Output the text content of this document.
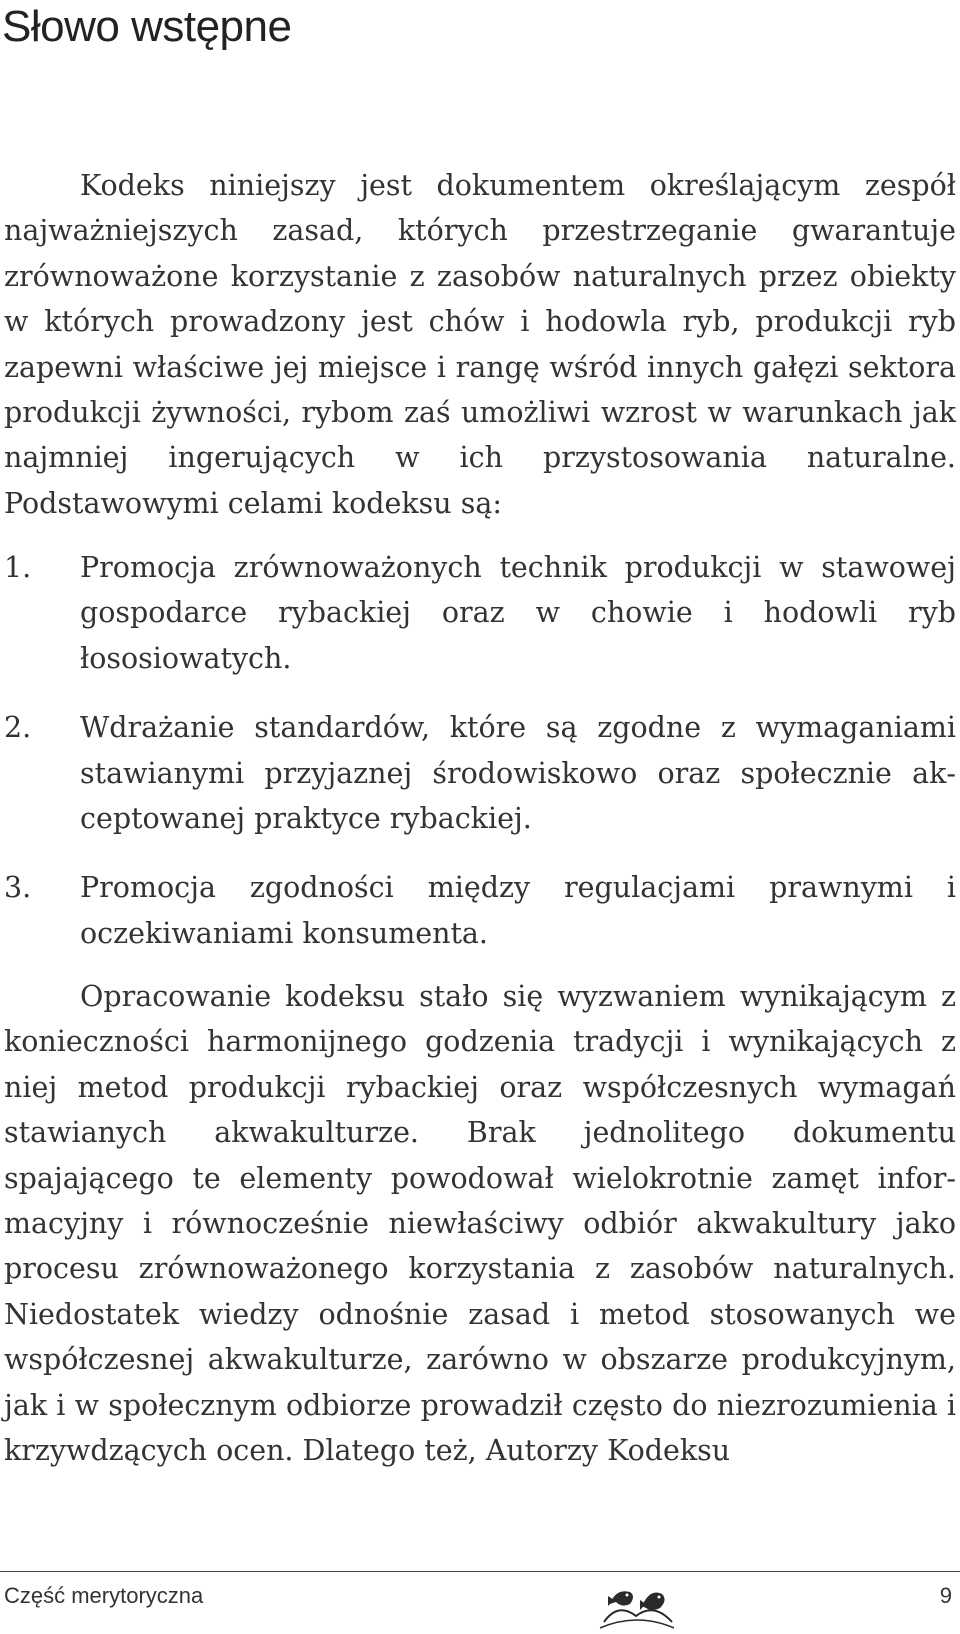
Słowo wstępne

Kodeks niniejszy jest dokumentem określającym zespół najważniejszych zasad, których przestrzeganie gwarantuje zrównoważone korzystanie z zasobów naturalnych przez obiekty w których prowadzony jest chów i hodowla ryb, produkcji ryb zapewni właściwe jej miejsce i rangę wśród innych gałęzi sektora produkcji żywności, rybom zaś umożliwi wzrost w warunkach jak najmniej ingerujących w ich przystosowania naturalne. Podstawowymi celami kodeksu są:

1. Promocja zrównoważonych technik produkcji w stawowej gospodarce rybackiej oraz w chowie i hodowli ryb łososiowatych.
2. Wdrażanie standardów, które są zgodne z wymaganiami stawianymi przyjaznej środowiskowo oraz społecznie akceptowanej praktyce rybackiej.
3. Promocja zgodności między regulacjami prawnymi i oczekiwaniami konsumenta.

Opracowanie kodeksu stało się wyzwaniem wynikającym z konieczności harmonijnego godzenia tradycji i wynikających z niej metod produkcji rybackiej oraz współczesnych wymagań stawianych akwakulturze. Brak jednolitego dokumentu spajającego te elementy powodował wielokrotnie zamęt informacyjny i równocześnie niewłaściwy odbiór akwakultury jako procesu zrównoważonego korzystania z zasobów naturalnych. Niedostatek wiedzy odnośnie zasad i metod stosowanych we współczesnej akwakulturze, zarówno w obszarze produkcyjnym, jak i w społecznym odbiorze prowadził często do niezrozumienia i krzywdzących ocen. Dlatego też, Autorzy Kodeksu

Część merytoryczna	9
